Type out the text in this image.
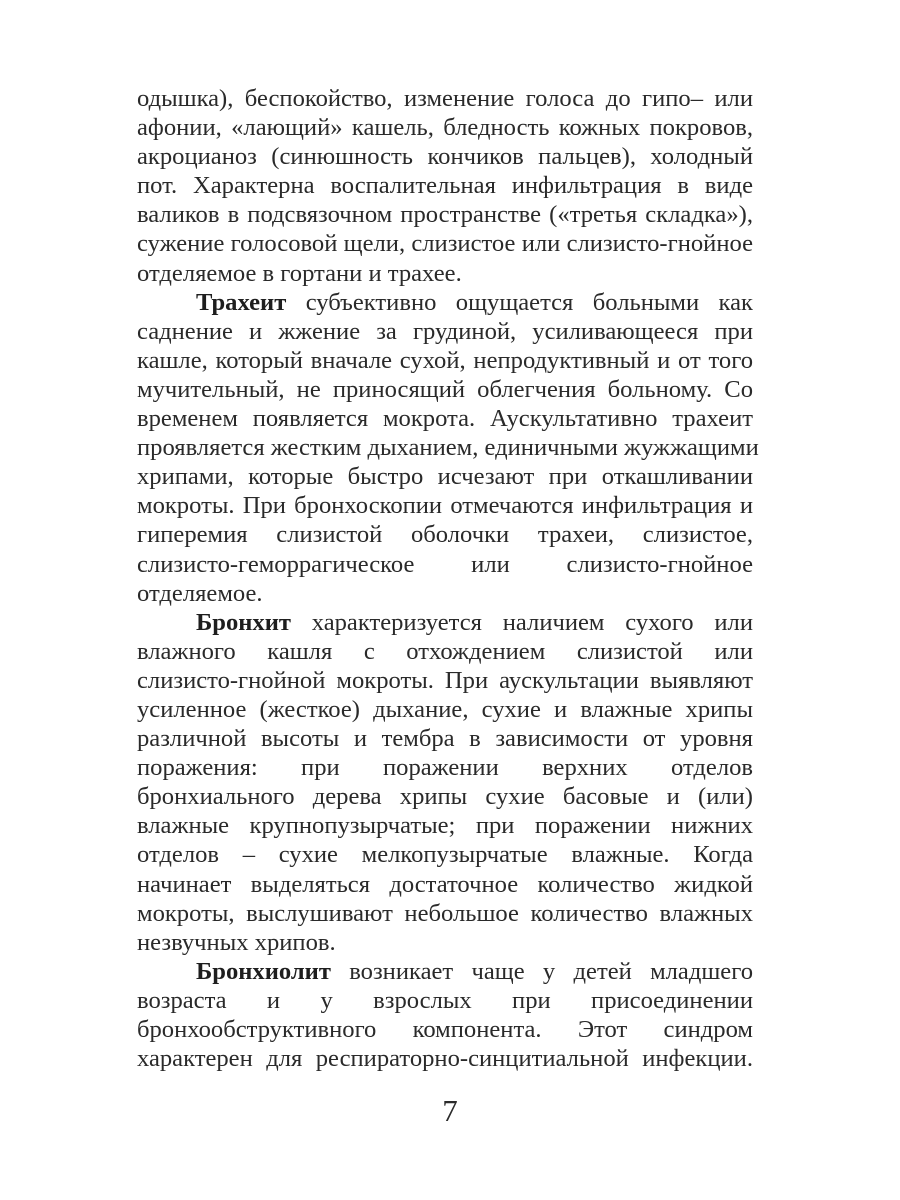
одышка), беспокойство, изменение голоса до гипо– или
афонии, «лающий» кашель, бледность кожных покровов,
акроцианоз (синюшность кончиков пальцев), холодный
пот. Характерна воспалительная инфильтрация в виде
валиков в подсвязочном пространстве («третья складка»),
сужение голосовой щели, слизистое или слизисто-гнойное
отделяемое в гортани и трахее.
Трахеит субъективно ощущается больными как
саднение и жжение за грудиной, усиливающееся при
кашле, который вначале сухой, непродуктивный и от того
мучительный, не приносящий облегчения больному. Со
временем появляется мокрота. Аускультативно трахеит
проявляется жестким дыханием, единичными жужжащими
хрипами, которые быстро исчезают при откашливании
мокроты. При бронхоскопии отмечаются инфильтрация и
гиперемия слизистой оболочки трахеи, слизистое,
слизисто-геморрагическое или слизисто-гнойное
отделяемое.
Бронхит характеризуется наличием сухого или
влажного кашля с отхождением слизистой или
слизисто-гнойной мокроты. При аускультации выявляют
усиленное (жесткое) дыхание, сухие и влажные хрипы
различной высоты и тембра в зависимости от уровня
поражения: при поражении верхних отделов
бронхиального дерева хрипы сухие басовые и (или)
влажные крупнопузырчатые; при поражении нижних
отделов – сухие мелкопузырчатые влажные. Когда
начинает выделяться достаточное количество жидкой
мокроты, выслушивают небольшое количество влажных
незвучных хрипов.
Бронхиолит возникает чаще у детей младшего
возраста и у взрослых при присоединении
бронхообструктивного компонента. Этот синдром
характерен для респираторно-синцитиальной инфекции.
7
